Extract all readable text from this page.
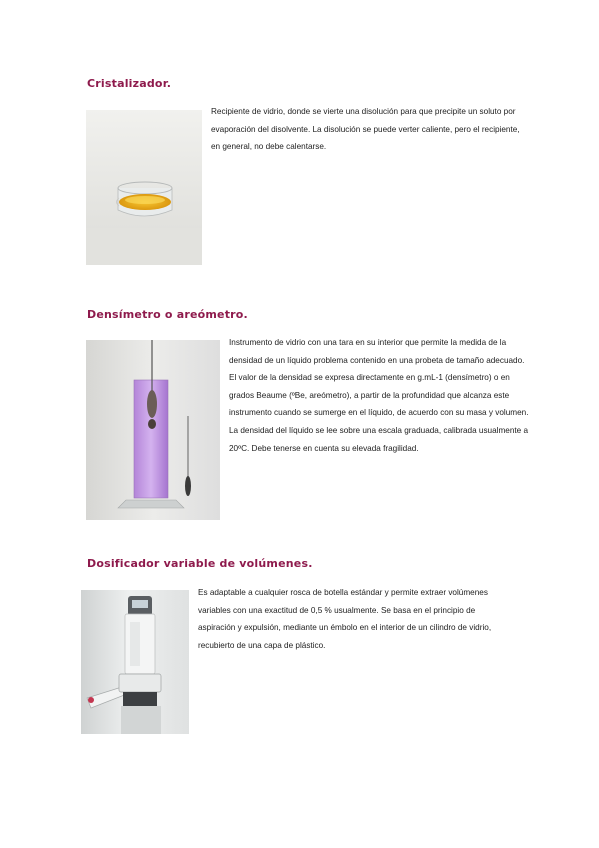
Cristalizador.

Recipiente de vidrio, donde se vierte una disolución para que precipite un soluto por evaporación del disolvente. La disolución se puede verter caliente, pero el recipiente, en general, no debe calentarse.

Densímetro o areómetro.

Instrumento de vidrio con una tara en su interior que permite la medida de la densidad de un líquido problema contenido en una probeta de tamaño adecuado. El valor de la densidad se expresa directamente en g.mL-1 (densímetro) o en grados Beaume (ºBe, areómetro), a partir de la profundidad que alcanza este instrumento cuando se sumerge en el líquido, de acuerdo con su masa y volumen. La densidad del líquido se lee sobre una escala graduada, calibrada usualmente a 20ºC. Debe tenerse en cuenta su elevada fragilidad.

Dosificador variable de volúmenes.

Es adaptable a cualquier rosca de botella estándar y permite extraer volúmenes variables con una exactitud de 0,5 % usualmente. Se basa en el principio de aspiración y expulsión, mediante un émbolo en el interior de un cilindro de vidrio, recubierto de una capa de plástico.
